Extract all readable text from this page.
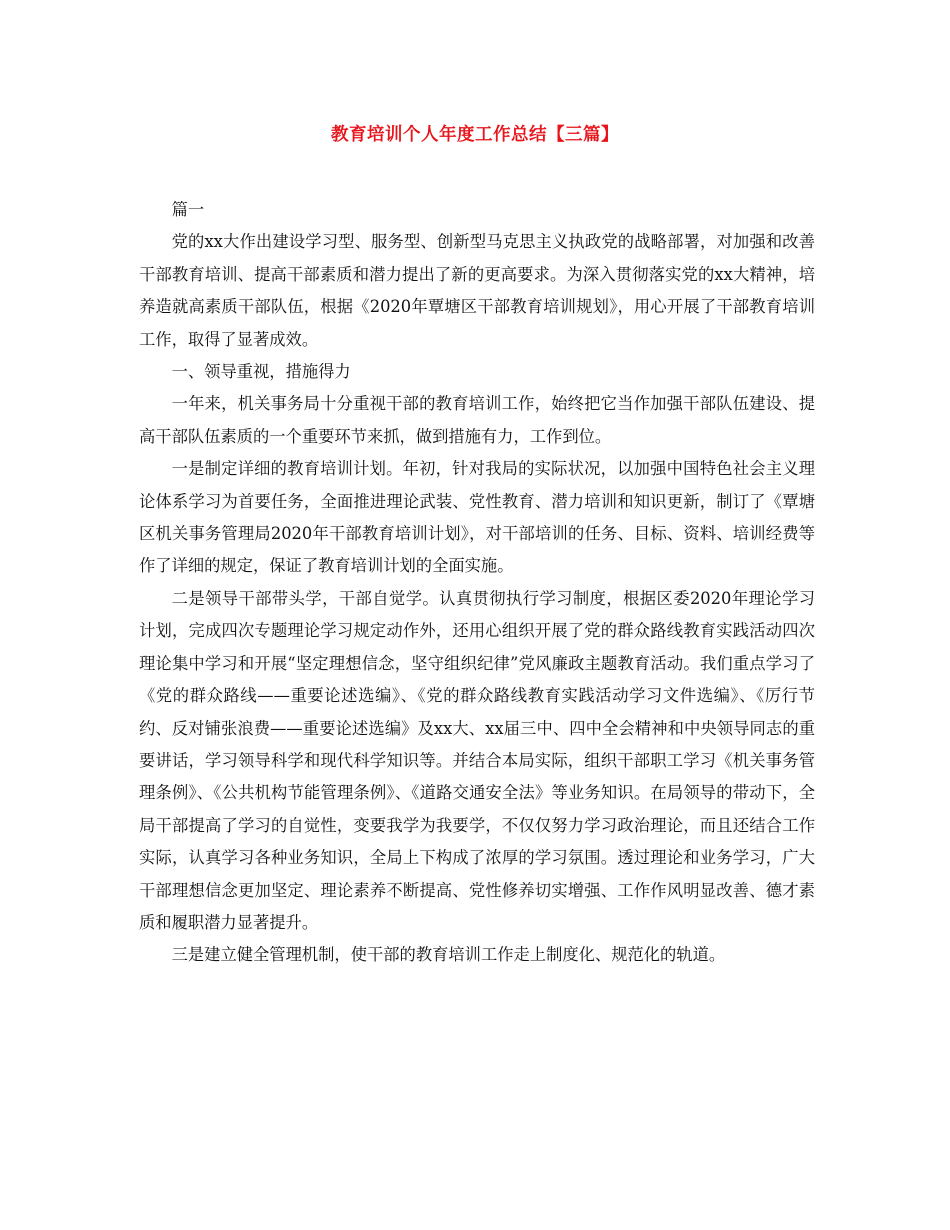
教育培训个人年度工作总结【三篇】

篇一

党的xx大作出建设学习型、服务型、创新型马克思主义执政党的战略部署，对加强和改善干部教育培训、提高干部素质和潜力提出了新的更高要求。为深入贯彻落实党的xx大精神，培养造就高素质干部队伍，根据《2020年覃塘区干部教育培训规划》，用心开展了干部教育培训工作，取得了显著成效。

一、领导重视，措施得力

一年来，机关事务局十分重视干部的教育培训工作，始终把它当作加强干部队伍建设、提高干部队伍素质的一个重要环节来抓，做到措施有力，工作到位。

一是制定详细的教育培训计划。年初，针对我局的实际状况，以加强中国特色社会主义理论体系学习为首要任务，全面推进理论武装、党性教育、潜力培训和知识更新，制订了《覃塘区机关事务管理局2020年干部教育培训计划》，对干部培训的任务、目标、资料、培训经费等作了详细的规定，保证了教育培训计划的全面实施。

二是领导干部带头学，干部自觉学。认真贯彻执行学习制度，根据区委2020年理论学习计划，完成四次专题理论学习规定动作外，还用心组织开展了党的群众路线教育实践活动四次理论集中学习和开展“坚定理想信念，坚守组织纪律”党风廉政主题教育活动。我们重点学习了《党的群众路线——重要论述选编》、《党的群众路线教育实践活动学习文件选编》、《厉行节约、反对铺张浪费——重要论述选编》及xx大、xx届三中、四中全会精神和中央领导同志的重要讲话，学习领导科学和现代科学知识等。并结合本局实际，组织干部职工学习《机关事务管理条例》、《公共机构节能管理条例》、《道路交通安全法》等业务知识。在局领导的带动下，全局干部提高了学习的自觉性，变要我学为我要学，不仅仅努力学习政治理论，而且还结合工作实际，认真学习各种业务知识，全局上下构成了浓厚的学习氛围。透过理论和业务学习，广大干部理想信念更加坚定、理论素养不断提高、党性修养切实增强、工作作风明显改善、德才素质和履职潜力显著提升。

三是建立健全管理机制，使干部的教育培训工作走上制度化、规范化的轨道。
